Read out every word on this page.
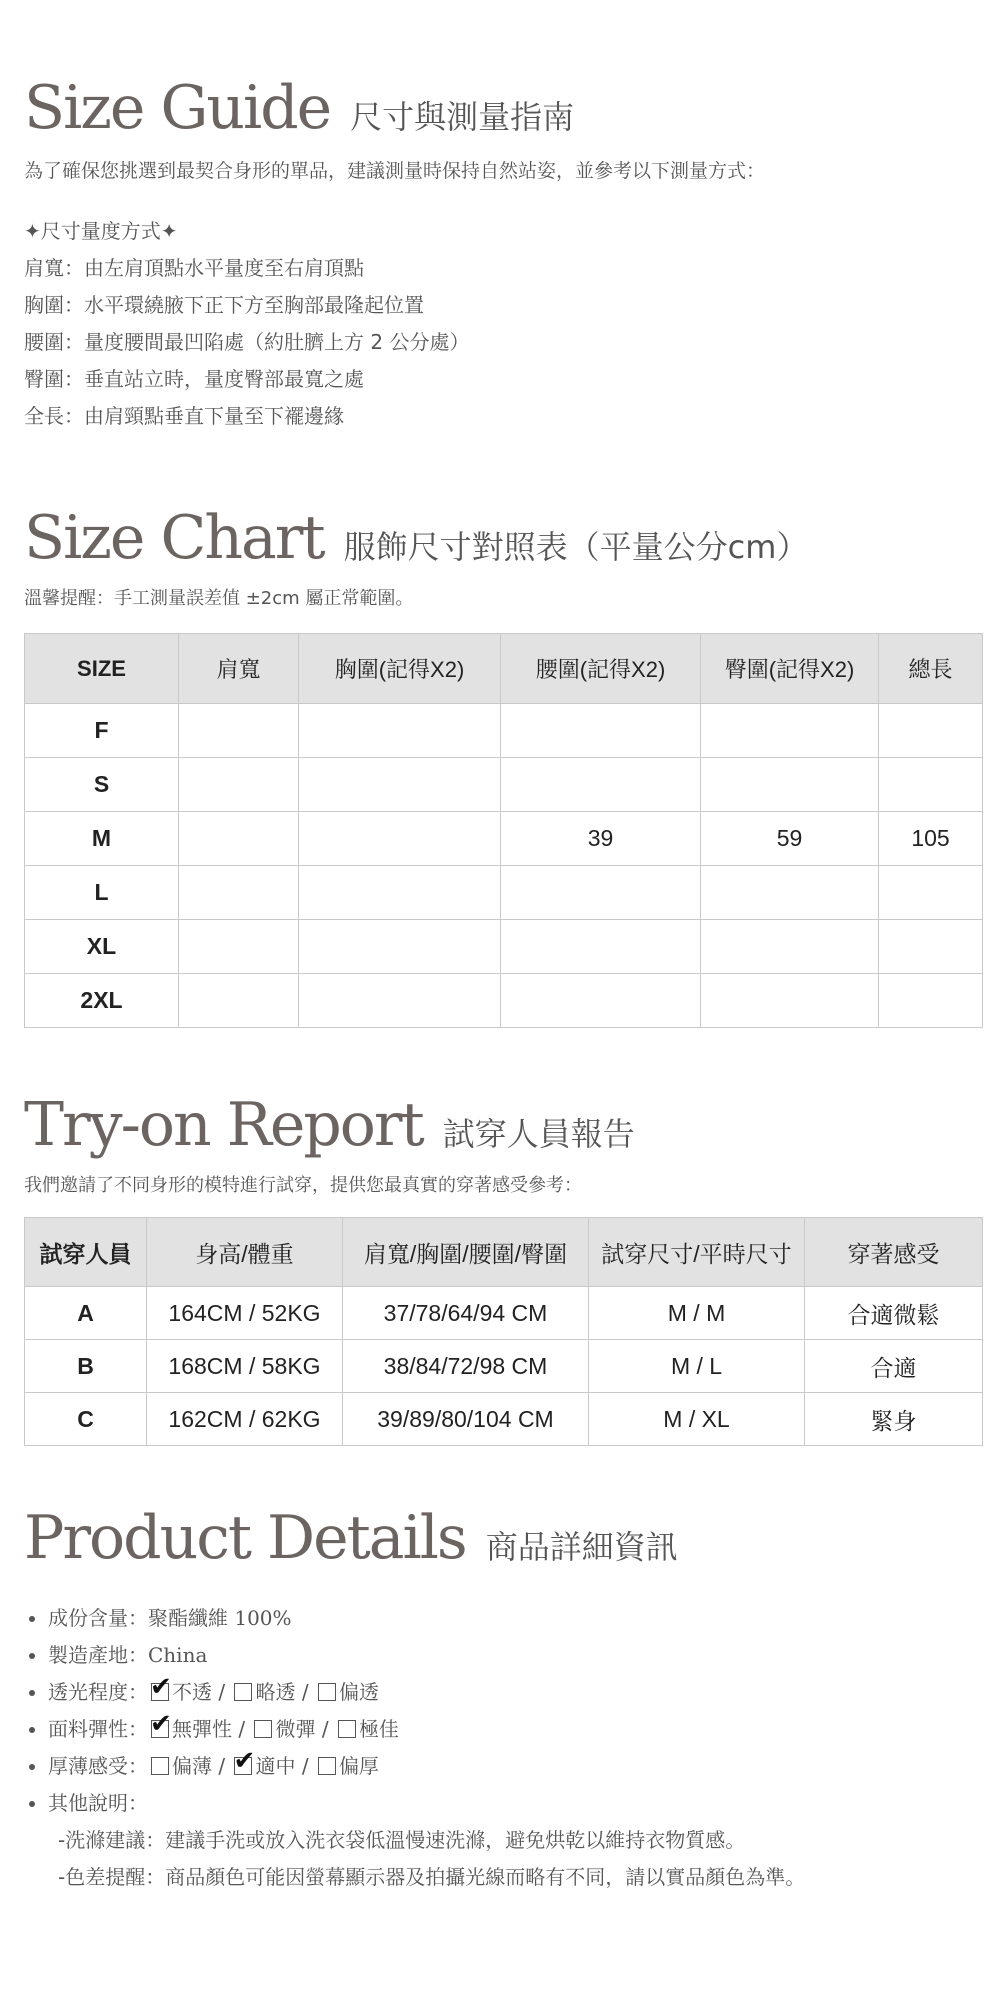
Size Guide 尺寸與測量指南
為了確保您挑選到最契合身形的單品，建議測量時保持自然站姿，並參考以下測量方式：
✦尺寸量度方式✦
肩寬：由左肩頂點水平量度至右肩頂點
胸圍：水平環繞腋下正下方至胸部最隆起位置
腰圍：量度腰間最凹陷處（約肚臍上方 2 公分處）
臀圍：垂直站立時，量度臀部最寬之處
全長：由肩頸點垂直下量至下襬邊緣
Size Chart 服飾尺寸對照表（平量公分cm）
溫馨提醒：手工測量誤差值 ±2cm 屬正常範圍。
SIZE	肩寬	胸圍(記得X2)	腰圍(記得X2)	臀圍(記得X2)	總長
F					
S					
M			39	59	105
L					
XL					
2XL					
Try-on Report 試穿人員報告
我們邀請了不同身形的模特進行試穿，提供您最真實的穿著感受參考：
試穿人員	身高/體重	肩寬/胸圍/腰圍/臀圍	試穿尺寸/平時尺寸	穿著感受
A	164CM / 52KG	37/78/64/94 CM	M / M	合適微鬆
B	168CM / 58KG	38/84/72/98 CM	M / L	合適
C	162CM / 62KG	39/89/80/104 CM	M / XL	緊身
Product Details 商品詳細資訊
• 成份含量：聚酯纖維 100%
• 製造產地：China
• 透光程度： ✔ 不透 / 略透 / 偏透
• 面料彈性： ✔ 無彈性 / 微彈 / 極佳
• 厚薄感受： 偏薄 / ✔ 適中 / 偏厚
• 其他說明：
-洗滌建議：建議手洗或放入洗衣袋低溫慢速洗滌，避免烘乾以維持衣物質感。
-色差提醒：商品顏色可能因螢幕顯示器及拍攝光線而略有不同，請以實品顏色為準。
